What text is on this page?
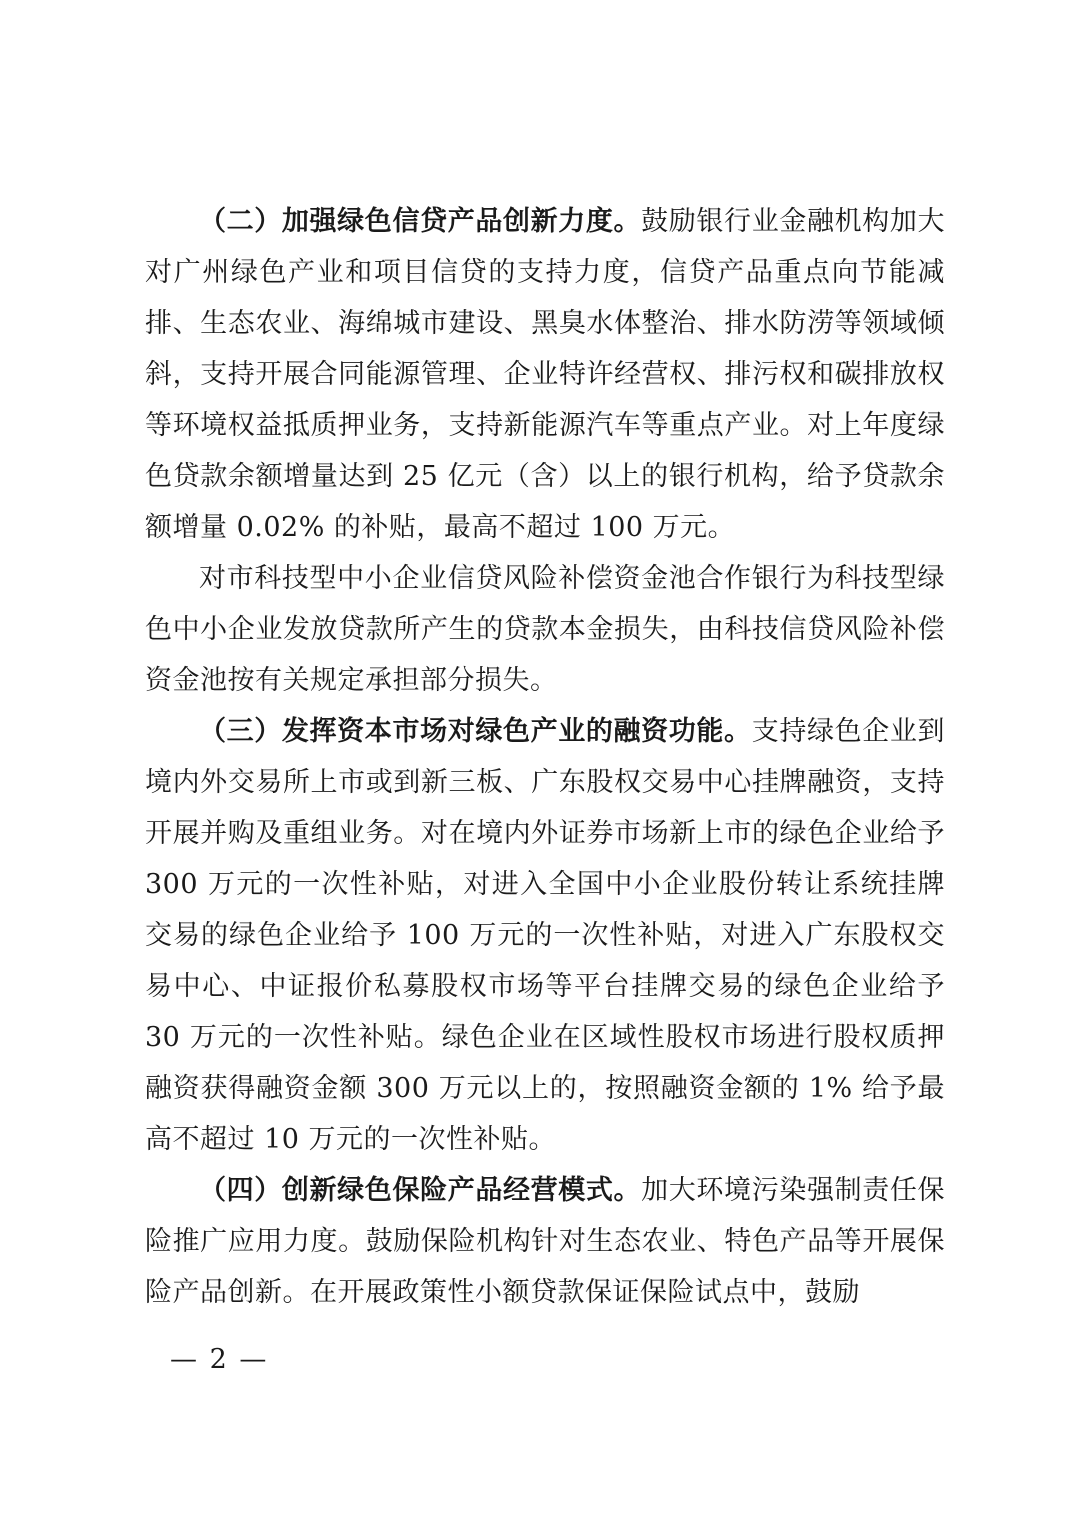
（二）加强绿色信贷产品创新力度。鼓励银行业金融机构加大对广州绿色产业和项目信贷的支持力度，信贷产品重点向节能减排、生态农业、海绵城市建设、黑臭水体整治、排水防涝等领域倾斜，支持开展合同能源管理、企业特许经营权、排污权和碳排放权等环境权益抵质押业务，支持新能源汽车等重点产业。对上年度绿色贷款余额增量达到 25 亿元（含）以上的银行机构，给予贷款余额增量 0.02% 的补贴，最高不超过 100 万元。

对市科技型中小企业信贷风险补偿资金池合作银行为科技型绿色中小企业发放贷款所产生的贷款本金损失，由科技信贷风险补偿资金池按有关规定承担部分损失。

（三）发挥资本市场对绿色产业的融资功能。支持绿色企业到境内外交易所上市或到新三板、广东股权交易中心挂牌融资，支持开展并购及重组业务。对在境内外证券市场新上市的绿色企业给予 300 万元的一次性补贴，对进入全国中小企业股份转让系统挂牌交易的绿色企业给予 100 万元的一次性补贴，对进入广东股权交易中心、中证报价私募股权市场等平台挂牌交易的绿色企业给予 30 万元的一次性补贴。绿色企业在区域性股权市场进行股权质押融资获得融资金额 300 万元以上的，按照融资金额的 1% 给予最高不超过 10 万元的一次性补贴。

（四）创新绿色保险产品经营模式。加大环境污染强制责任保险推广应用力度。鼓励保险机构针对生态农业、特色产品等开展保险产品创新。在开展政策性小额贷款保证保险试点中，鼓励

— 2 —
